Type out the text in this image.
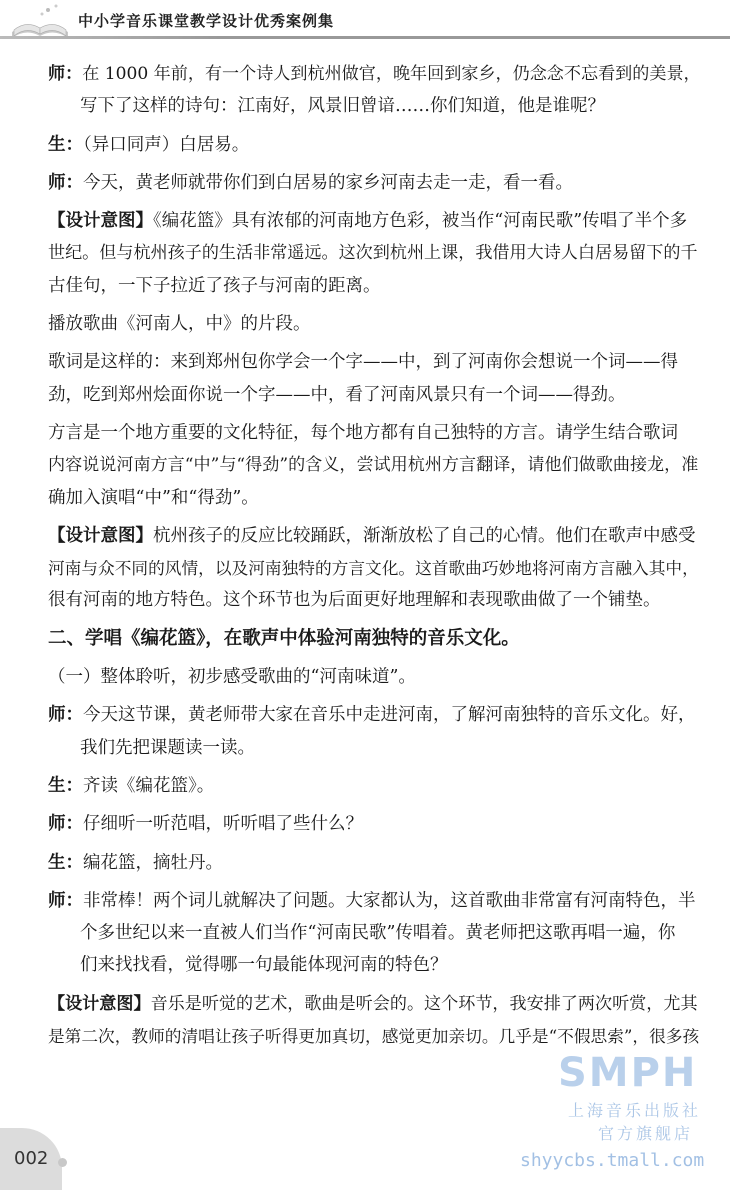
中小学音乐课堂教学设计优秀案例集
师：在 1000 年前，有一个诗人到杭州做官，晚年回到家乡，仍念念不忘看到的美景，
写下了这样的诗句：江南好，风景旧曾谙……你们知道，他是谁呢？
生：（异口同声）白居易。
师：今天，黄老师就带你们到白居易的家乡河南去走一走，看一看。
【设计意图】《编花篮》具有浓郁的河南地方色彩，被当作“河南民歌”传唱了半个多
世纪。但与杭州孩子的生活非常遥远。这次到杭州上课，我借用大诗人白居易留下的千
古佳句，一下子拉近了孩子与河南的距离。
播放歌曲《河南人，中》的片段。
歌词是这样的：来到郑州包你学会一个字——中，到了河南你会想说一个词——得
劲，吃到郑州烩面你说一个字——中，看了河南风景只有一个词——得劲。
方言是一个地方重要的文化特征，每个地方都有自己独特的方言。请学生结合歌词
内容说说河南方言“中”与“得劲”的含义，尝试用杭州方言翻译，请他们做歌曲接龙，准
确加入演唱“中”和“得劲”。
【设计意图】杭州孩子的反应比较踊跃，渐渐放松了自己的心情。他们在歌声中感受
河南与众不同的风情，以及河南独特的方言文化。这首歌曲巧妙地将河南方言融入其中，
很有河南的地方特色。这个环节也为后面更好地理解和表现歌曲做了一个铺垫。
二、学唱《编花篮》，在歌声中体验河南独特的音乐文化。
（一）整体聆听，初步感受歌曲的“河南味道”。
师：今天这节课，黄老师带大家在音乐中走进河南，了解河南独特的音乐文化。好，
我们先把课题读一读。
生：齐读《编花篮》。
师：仔细听一听范唱，听听唱了些什么？
生：编花篮，摘牡丹。
师：非常棒！两个词儿就解决了问题。大家都认为，这首歌曲非常富有河南特色，半
个多世纪以来一直被人们当作“河南民歌”传唱着。黄老师把这歌再唱一遍，你
们来找找看，觉得哪一句最能体现河南的特色？
【设计意图】音乐是听觉的艺术，歌曲是听会的。这个环节，我安排了两次听赏，尤其
是第二次，教师的清唱让孩子听得更加真切，感觉更加亲切。几乎是“不假思索”，很多孩
SMPH
上海音乐出版社
官方旗舰店
shyycbs.tmall.com
002
